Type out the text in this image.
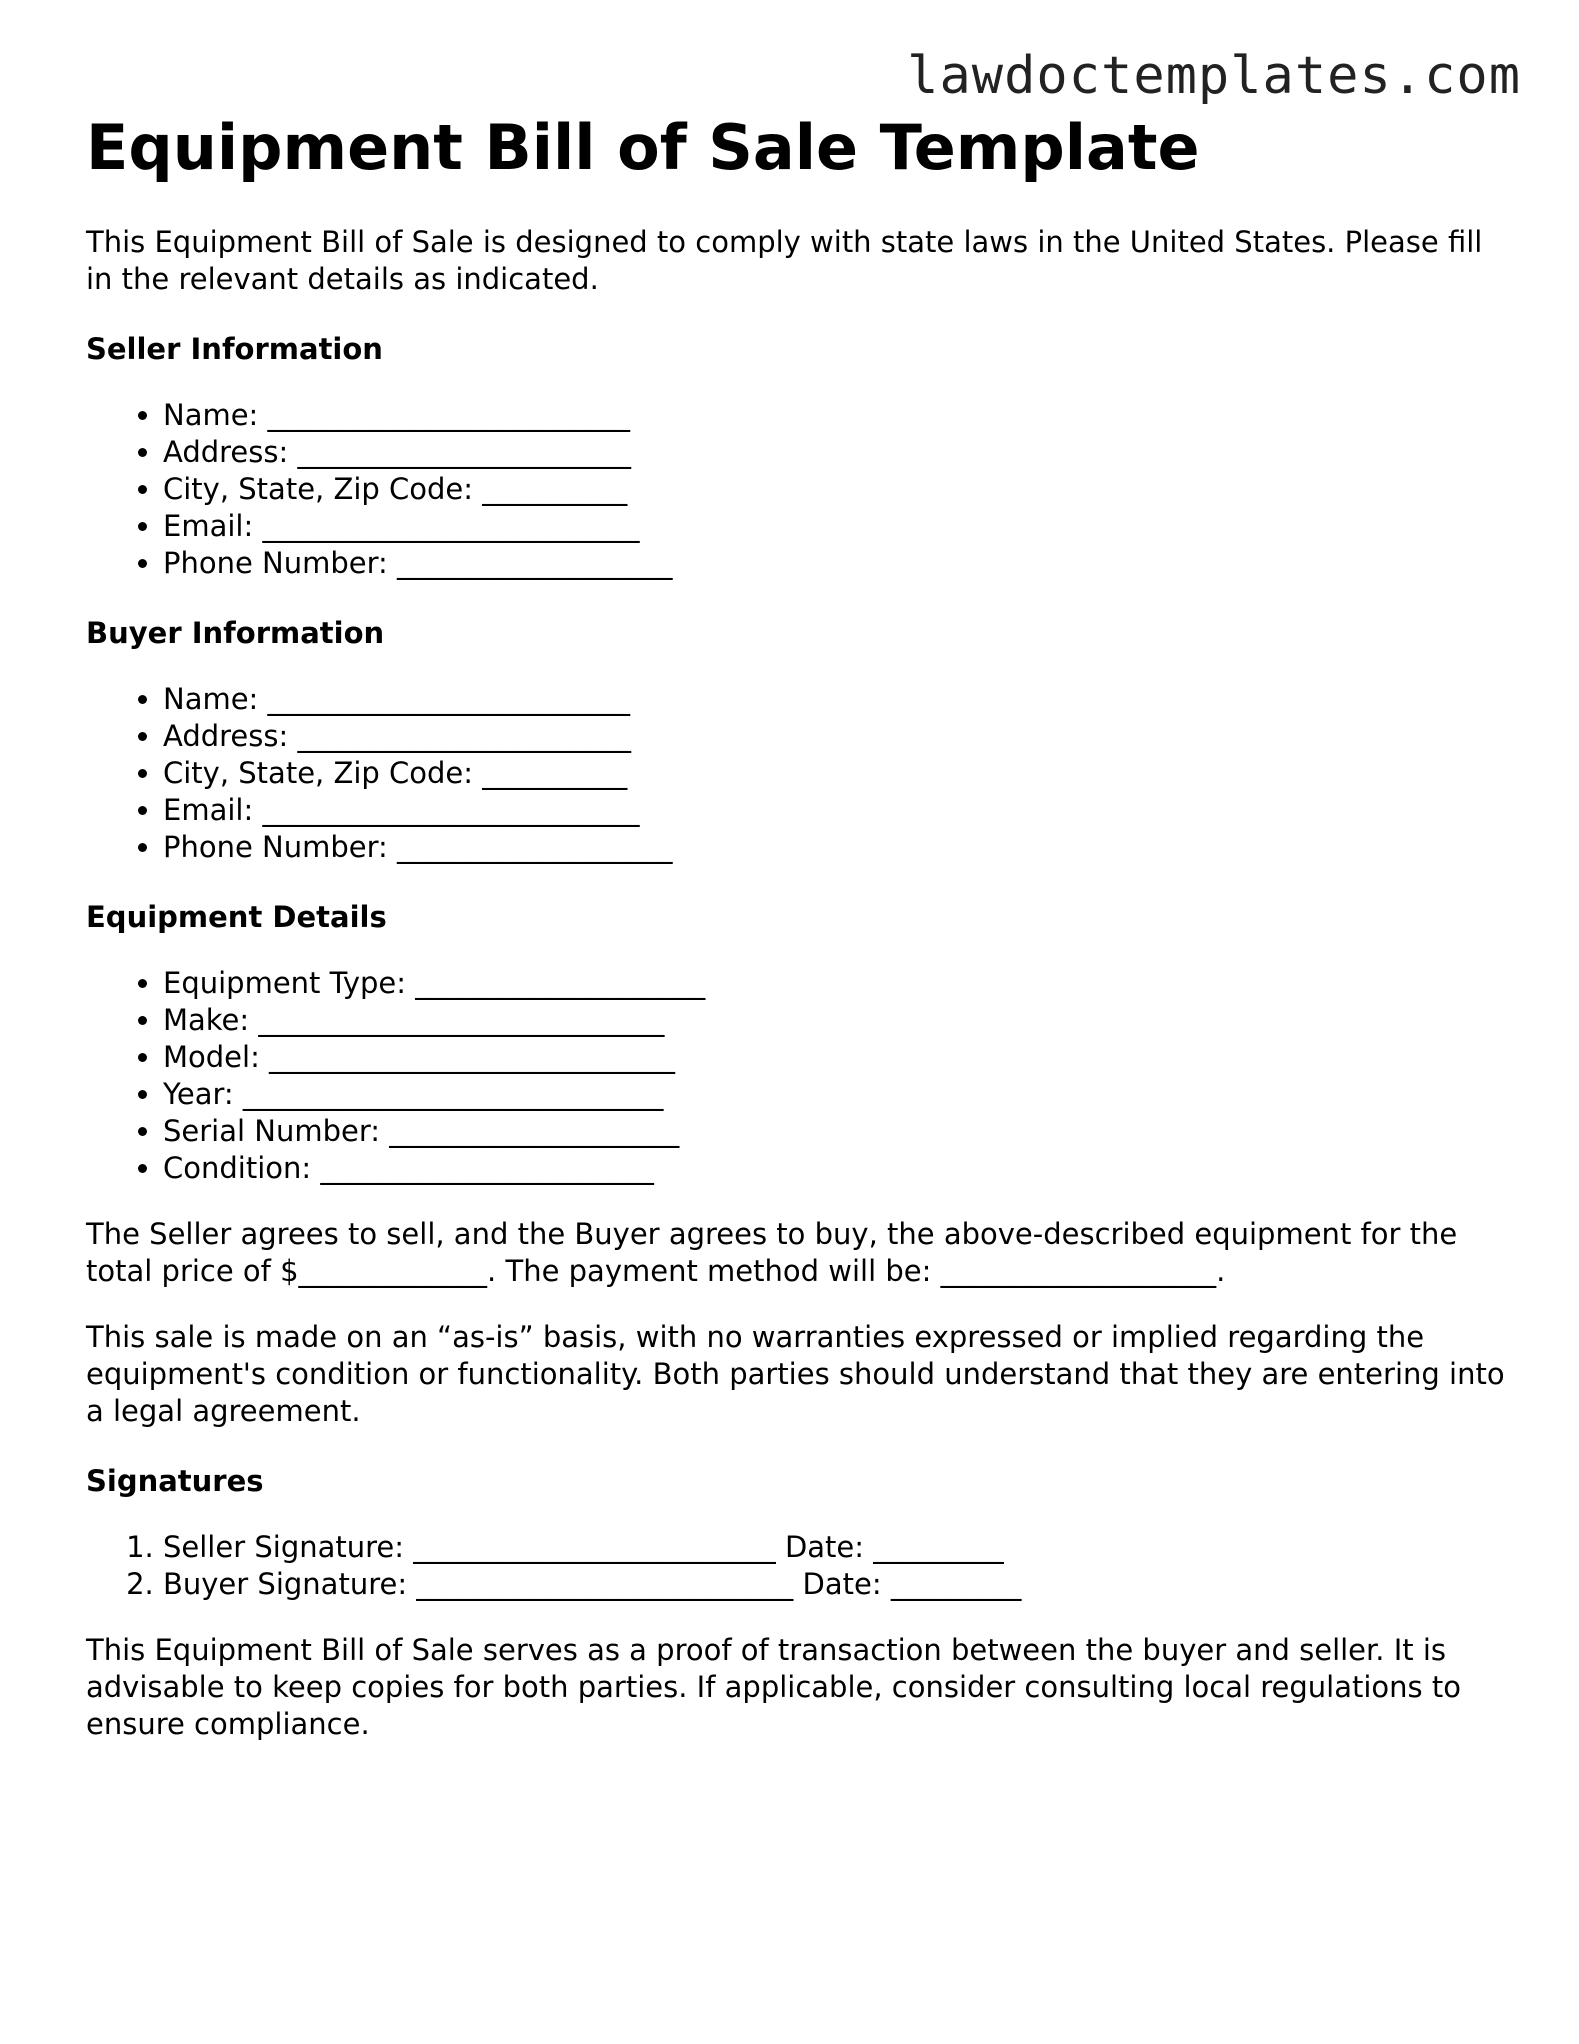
lawdoctemplates.com
Equipment Bill of Sale Template

This Equipment Bill of Sale is designed to comply with state laws in the United States. Please fill in the relevant details as indicated.

Seller Information
• Name: _________________________
• Address: _______________________
• City, State, Zip Code: __________
• Email: __________________________
• Phone Number: ___________________
Buyer Information
• Name: _________________________
• Address: _______________________
• City, State, Zip Code: __________
• Email: __________________________
• Phone Number: ___________________
Equipment Details
• Equipment Type: ____________________
• Make: ____________________________
• Model: ____________________________
• Year: _____________________________
• Serial Number: ____________________
• Condition: _______________________

The Seller agrees to sell, and the Buyer agrees to buy, the above-described equipment for the total price of $_____________. The payment method will be: ___________________.

This sale is made on an “as-is” basis, with no warranties expressed or implied regarding the equipment's condition or functionality. Both parties should understand that they are entering into a legal agreement.

Signatures
1. Seller Signature: _________________________ Date: _________
2. Buyer Signature: __________________________ Date: _________

This Equipment Bill of Sale serves as a proof of transaction between the buyer and seller. It is advisable to keep copies for both parties. If applicable, consider consulting local regulations to ensure compliance.
